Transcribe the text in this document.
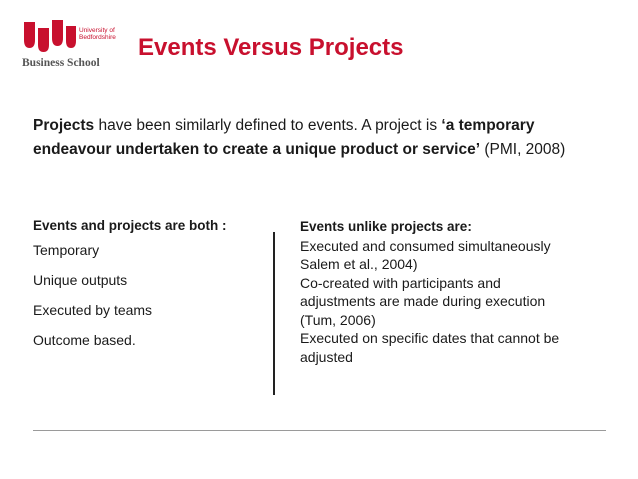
University of
Bedfordshire
Business School
Events Versus Projects

Projects have been similarly defined to events. A project is ‘a temporary endeavour undertaken to create a unique product or service’ (PMI, 2008)

Events and projects are both :
Temporary
Unique outputs
Executed by teams
Outcome based.
Events unlike projects are:
Executed and consumed simultaneously
Salem et al., 2004)
Co-created with participants and
adjustments are made during execution
(Tum, 2006)
Executed on specific dates that cannot be
adjusted
